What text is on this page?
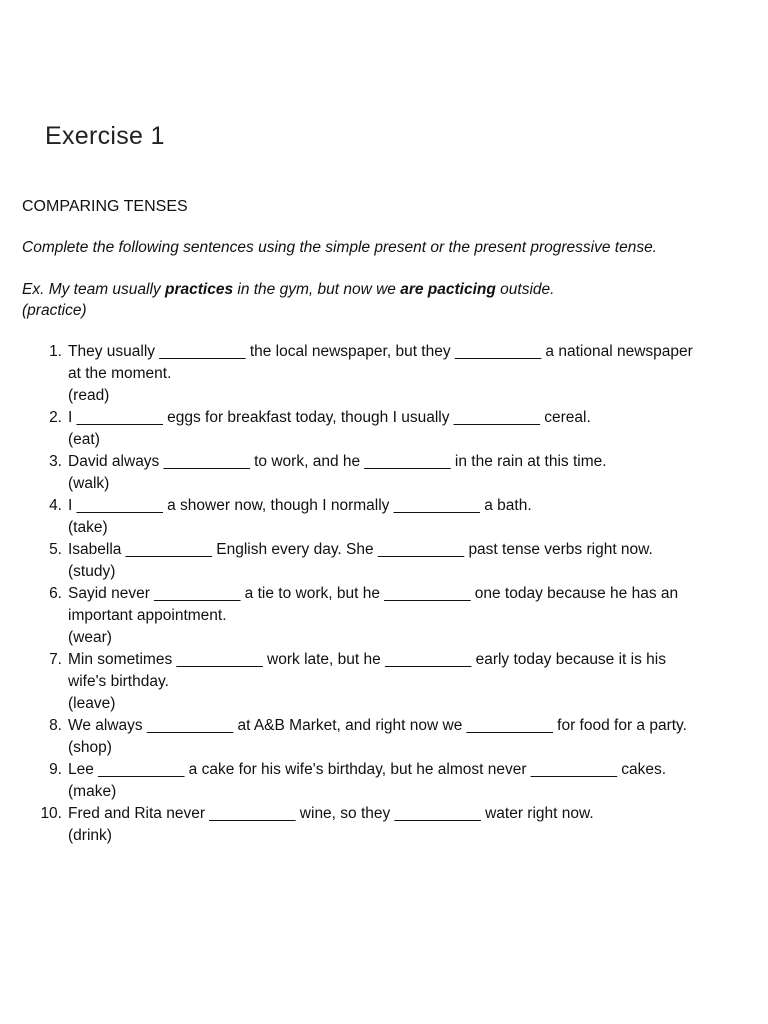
Exercise 1
COMPARING TENSES
Complete the following sentences using the simple present or the present progressive tense.
Ex. My team usually practices in the gym, but now we are pacticing outside.
(practice)
1. They usually __________ the local newspaper, but they __________ a national newspaper
at the moment.
(read)
2. I __________ eggs for breakfast today, though I usually __________ cereal.
(eat)
3. David always __________ to work, and he __________ in the rain at this time.
(walk)
4. I __________ a shower now, though I normally __________ a bath.
(take)
5. Isabella __________ English every day. She __________ past tense verbs right now.
(study)
6. Sayid never __________ a tie to work, but he __________ one today because he has an
important appointment.
(wear)
7. Min sometimes __________ work late, but he __________ early today because it is his
wife's birthday.
(leave)
8. We always __________ at A&B Market, and right now we __________ for food for a party.
(shop)
9. Lee __________ a cake for his wife's birthday, but he almost never __________ cakes.
(make)
10. Fred and Rita never __________ wine, so they __________ water right now.
(drink)
